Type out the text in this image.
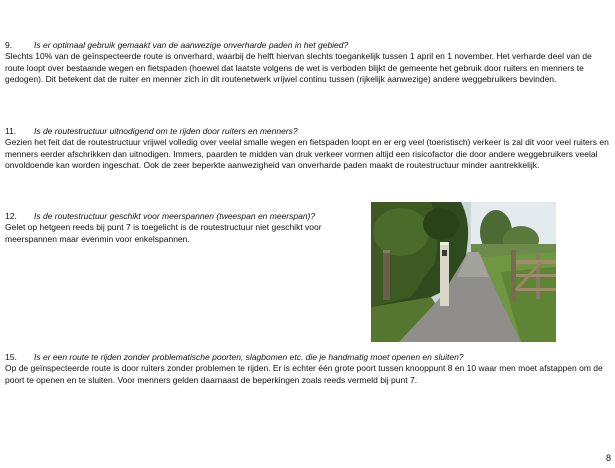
9.	Is er optimaal gebruik gemaakt van de aanwezige onverharde paden in het gebied?
Slechts 10% van de geïnspecteerde route is onverhard, waarbij de helft hiervan slechts toegankelijk tussen 1 april en 1 november. Het verharde deel van de route loopt over bestaande wegen en fietspaden (hoewel dat laatste volgens de wet is verboden blijkt de gemeente het gebruik door ruiters en menners te gedogen). Dit betekent dat de ruiter en menner zich in dit routenetwerk vrijwel continu tussen (rijkelijk aanwezige) andere weggebruikers bevinden.
11. Is de routestructuur uitnodigend om te rijden door ruiters en menners?
Gezien het feit dat de routestructuur vrijwel volledig over veelal smalle wegen en fietspaden loopt en er erg veel (toeristisch) verkeer is zal dit voor veel ruiters en menners eerder afschrikken dan uitnodigen. Immers, paarden te midden van druk verkeer vormen altijd een risicofactor die door andere weggebruikers veelal onvoldoende kan worden ingeschat. Ook de zeer beperkte aanwezigheid van onverharde paden maakt de routestructuur minder aantrekkelijk.
12. Is de routestructuur geschikt voor meerspannen (tweespan en meerspan)?
Gelet op hetgeen reeds bij punt 7 is toegelicht is de routestructuur niet geschikt voor meerspannen maar evenmin voor enkelspannen.
15. Is er een route te rijden zonder problematische poorten, slagbomen etc. die je handmatig moet openen en sluiten?
Op de geïnspecteerde route is door ruiters zonder problemen te rijden. Er is echter één grote poort tussen knooppunt 8 en 10 waar men moet afstappen om de poort te openen en te sluiten. Voor menners gelden daarnaast de beperkingen zoals reeds vermeld bij punt 7.
8
